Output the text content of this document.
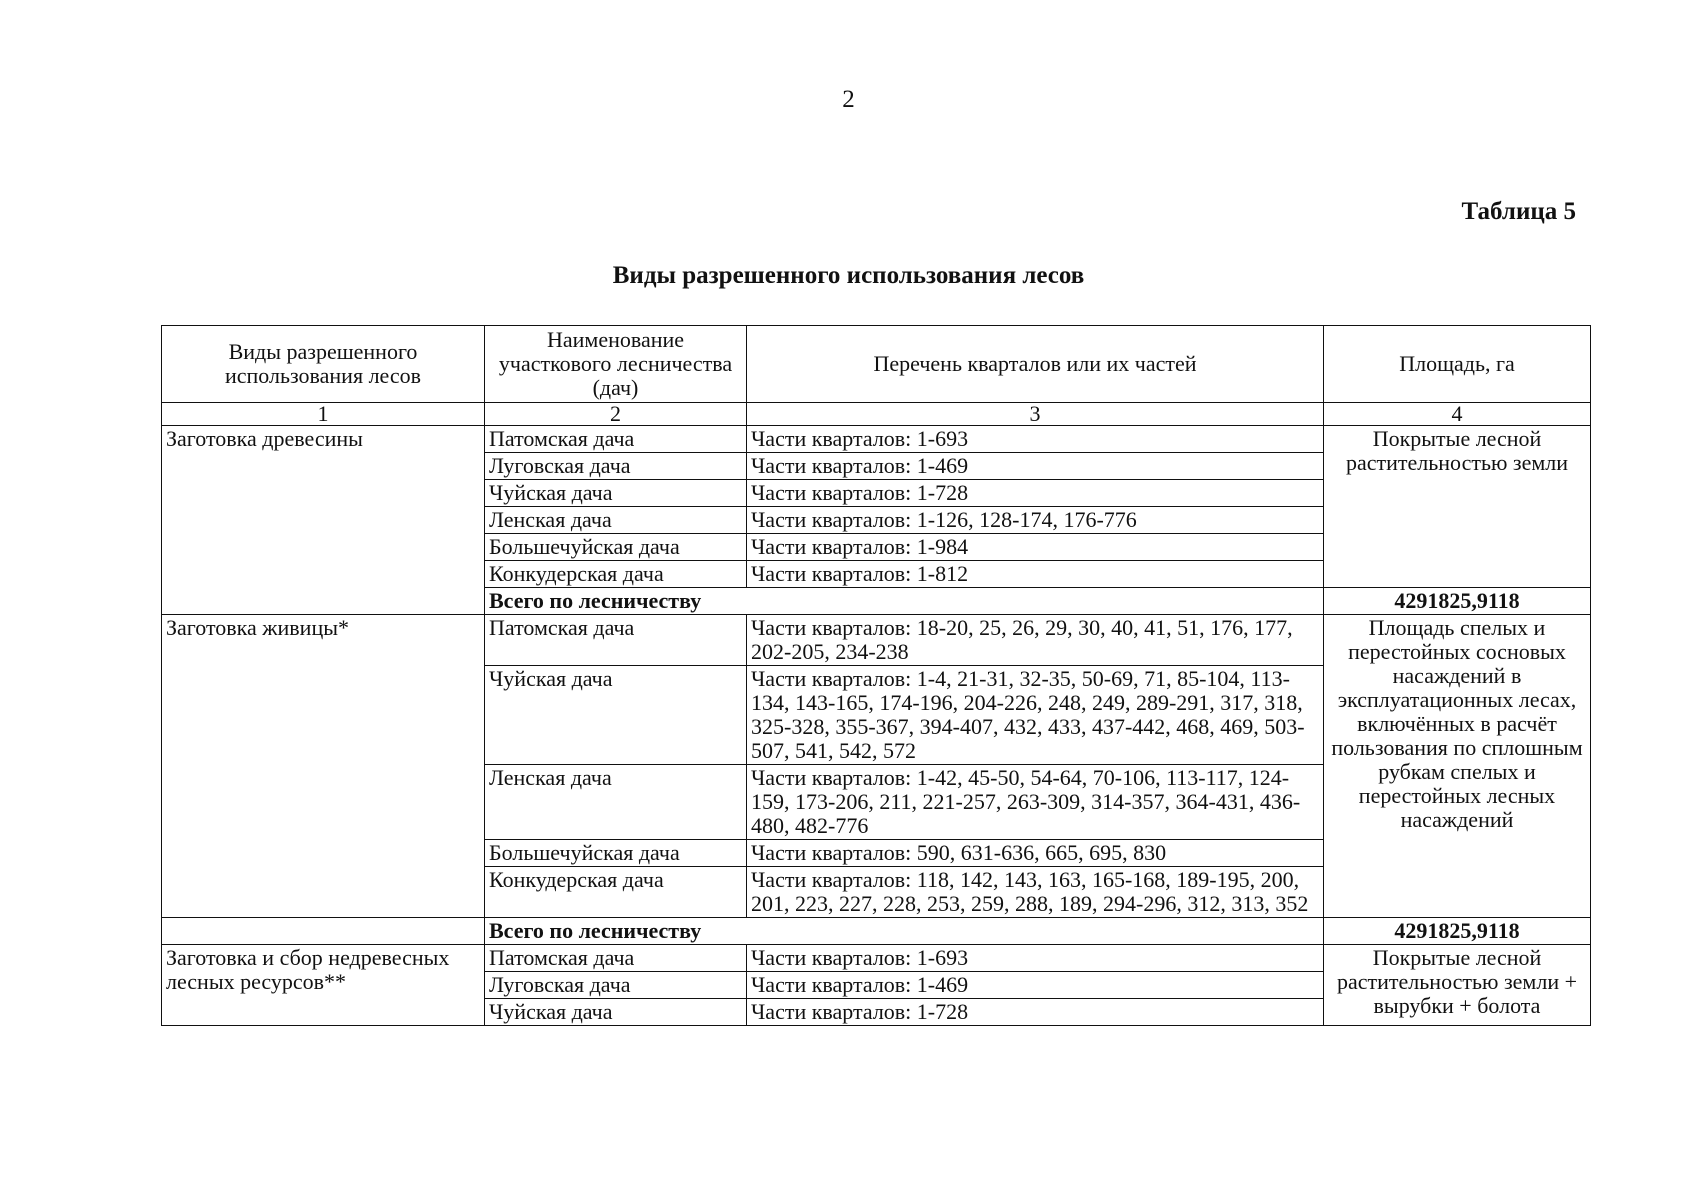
2
Таблица 5
Виды разрешенного использования лесов
Виды разрешенного использования лесов	Наименование участкового лесничества (дач)	Перечень кварталов или их частей	Площадь, га
1	2	3	4
Заготовка древесины	Патомская дача	Части кварталов: 1-693	Покрытые лесной растительностью земли
	Луговская дача	Части кварталов: 1-469	
	Чуйская дача	Части кварталов: 1-728	
	Ленская дача	Части кварталов: 1-126, 128-174, 176-776	
	Большечуйская дача	Части кварталов: 1-984	
	Конкудерская дача	Части кварталов: 1-812	
	Всего по лесничеству		4291825,9118
Заготовка живицы*	Патомская дача	Части кварталов: 18-20, 25, 26, 29, 30, 40, 41, 51, 176, 177, 202-205, 234-238	Площадь спелых и перестойных сосновых насаждений в эксплуатационных лесах, включённых в расчёт пользования по сплошным рубкам спелых и перестойных лесных насаждений
	Чуйская дача	Части кварталов: 1-4, 21-31, 32-35, 50-69, 71, 85-104, 113-134, 143-165, 174-196, 204-226, 248, 249, 289-291, 317, 318, 325-328, 355-367, 394-407, 432, 433, 437-442, 468, 469, 503-507, 541, 542, 572	
	Ленская дача	Части кварталов: 1-42, 45-50, 54-64, 70-106, 113-117, 124-159, 173-206, 211, 221-257, 263-309, 314-357, 364-431, 436-480, 482-776	
	Большечуйская дача	Части кварталов: 590, 631-636, 665, 695, 830	
	Конкудерская дача	Части кварталов: 118, 142, 143, 163, 165-168, 189-195, 200, 201, 223, 227, 228, 253, 259, 288, 189, 294-296, 312, 313, 352	
	Всего по лесничеству		4291825,9118
Заготовка и сбор недревесных лесных ресурсов**	Патомская дача	Части кварталов: 1-693	Покрытые лесной растительностью земли + вырубки + болота
	Луговская дача	Части кварталов: 1-469	
	Чуйская дача	Части кварталов: 1-728	
